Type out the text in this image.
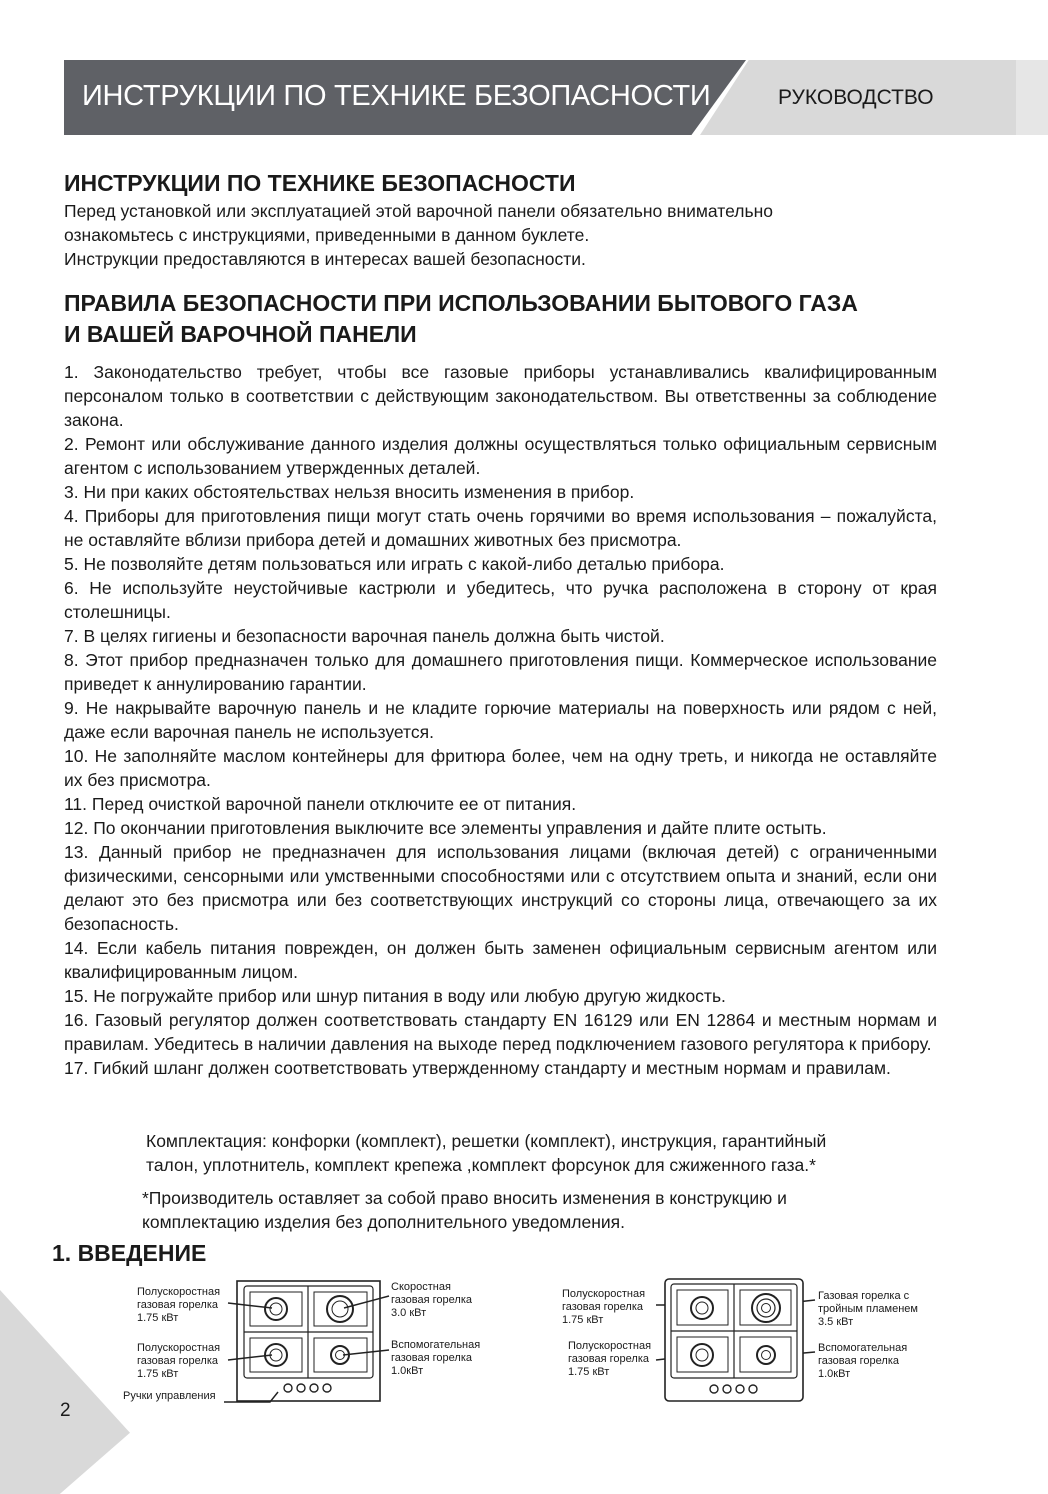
ИНСТРУКЦИИ ПО ТЕХНИКЕ БЕЗОПАСНОСТИ	РУКОВОДСТВО
ИНСТРУКЦИИ ПО ТЕХНИКЕ БЕЗОПАСНОСТИ
Перед установкой или эксплуатацией этой варочной панели обязательно внимательно
ознакомьтесь с инструкциями, приведенными в данном буклете.
Инструкции предоставляются в интересах вашей безопасности.
ПРАВИЛА БЕЗОПАСНОСТИ ПРИ ИСПОЛЬЗОВАНИИ БЫТОВОГО ГАЗА
И ВАШЕЙ ВАРОЧНОЙ ПАНЕЛИ

1. Законодательство требует, чтобы все газовые приборы устанавливались квалифицированным персоналом только в соответствии с действующим законодательством. Вы ответственны за соблюдение закона.

2. Ремонт или обслуживание данного изделия должны осуществляться только официальным сервисным агентом с использованием утвержденных деталей.

3. Ни при каких обстоятельствах нельзя вносить изменения в прибор.

4. Приборы для приготовления пищи могут стать очень горячими во время использования – пожалуйста, не оставляйте вблизи прибора детей и домашних животных без присмотра.

5. Не позволяйте детям пользоваться или играть с какой-либо деталью прибора.

6. Не используйте неустойчивые кастрюли и убедитесь, что ручка расположена в сторону от края столешницы.

7. В целях гигиены и безопасности варочная панель должна быть чистой.

8. Этот прибор предназначен только для домашнего приготовления пищи. Коммерческое использование приведет к аннулированию гарантии.

9. Не накрывайте варочную панель и не кладите горючие материалы на поверхность или рядом с ней, даже если варочная панель не используется.

10. Не заполняйте маслом контейнеры для фритюра более, чем на одну треть, и никогда не оставляйте их без присмотра.

11. Перед очисткой варочной панели отключите ее от питания.

12. По окончании приготовления выключите все элементы управления и дайте плите остыть.

13. Данный прибор не предназначен для использования лицами (включая детей) с ограниченными физическими, сенсорными или умственными способностями или с отсутствием опыта и знаний, если они делают это без присмотра или без соответствующих инструкций со стороны лица, отвечающего за их безопасность.

14. Если кабель питания поврежден, он должен быть заменен официальным сервисным агентом или квалифицированным лицом.

15. Не погружайте прибор или шнур питания в воду или любую другую жидкость.

16. Газовый регулятор должен соответствовать стандарту EN 16129 или EN 12864 и местным нормам и правилам. Убедитесь в наличии давления на выходе перед подключением газового регулятора к прибору.

17. Гибкий шланг должен соответствовать утвержденному стандарту и местным нормам и правилам.

Комплектация: конфорки (комплект), решетки (комплект), инструкция, гарантийный

талон, уплотнитель, комплект крепежа ,комплект форсунок для сжиженного газа.*

*Производитель оставляет за собой право вносить изменения в конструкцию и

комплектацию изделия без дополнительного уведомления.

1. ВВЕДЕНИЕ
Полускоростная
газовая горелка
1.75 кВт
Полускоростная
газовая горелка
1.75 кВт
Скоростная
газовая горелка
3.0 кВт
Вспомогательная
газовая горелка
1.0кВт
Ручки управления
Полускоростная
газовая горелка
1.75 кВт
Полускоростная
газовая горелка
1.75 кВт
Газовая горелка с
тройным пламенем
3.5 кВт
Вспомогательная
газовая горелка
1.0кВт
2
